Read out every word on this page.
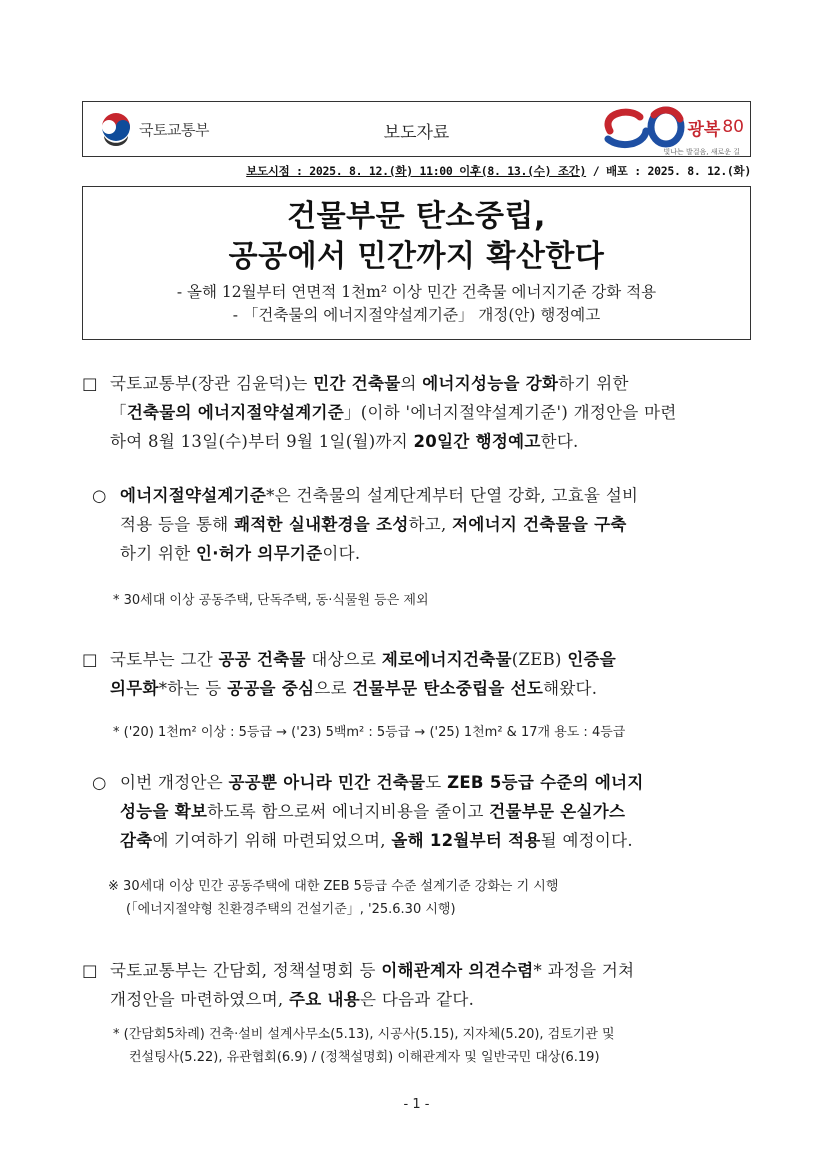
국토교통부	보도자료	광복 80
빛나는 발걸음, 새로운 길
보도시점 : 2025. 8. 12.(화) 11:00 이후(8. 13.(수) 조간) / 배포 : 2025. 8. 12.(화)
건물부문 탄소중립,
공공에서 민간까지 확산한다
- 올해 12월부터 연면적 1천m² 이상 민간 건축물 에너지기준 강화 적용
- 「건축물의 에너지절약설계기준」 개정(안) 행정예고
□ 국토교통부(장관 김윤덕)는 민간 건축물의 에너지성능을 강화하기 위한
「건축물의 에너지절약설계기준」(이하 '에너지절약설계기준') 개정안을 마련
하여 8월 13일(수)부터 9월 1일(월)까지 20일간 행정예고한다.
○ 에너지절약설계기준*은 건축물의 설계단계부터 단열 강화, 고효율 설비
적용 등을 통해 쾌적한 실내환경을 조성하고, 저에너지 건축물을 구축
하기 위한 인·허가 의무기준이다.
* 30세대 이상 공동주택, 단독주택, 동·식물원 등은 제외
□ 국토부는 그간 공공 건축물 대상으로 제로에너지건축물(ZEB) 인증을
의무화*하는 등 공공을 중심으로 건물부문 탄소중립을 선도해왔다.
* ('20) 1천m² 이상 : 5등급 → ('23) 5백m² : 5등급 → ('25) 1천m² & 17개 용도 : 4등급
○ 이번 개정안은 공공뿐 아니라 민간 건축물도 ZEB 5등급 수준의 에너지
성능을 확보하도록 함으로써 에너지비용을 줄이고 건물부문 온실가스
감축에 기여하기 위해 마련되었으며, 올해 12월부터 적용될 예정이다.
※ 30세대 이상 민간 공동주택에 대한 ZEB 5등급 수준 설계기준 강화는 기 시행
(「에너지절약형 친환경주택의 건설기준」, '25.6.30 시행)
□ 국토교통부는 간담회, 정책설명회 등 이해관계자 의견수렴* 과정을 거쳐
개정안을 마련하였으며, 주요 내용은 다음과 같다.
* (간담회5차례) 건축·설비 설계사무소(5.13), 시공사(5.15), 지자체(5.20), 검토기관 및
컨설팅사(5.22), 유관협회(6.9) / (정책설명회) 이해관계자 및 일반국민 대상(6.19)
- 1 -
